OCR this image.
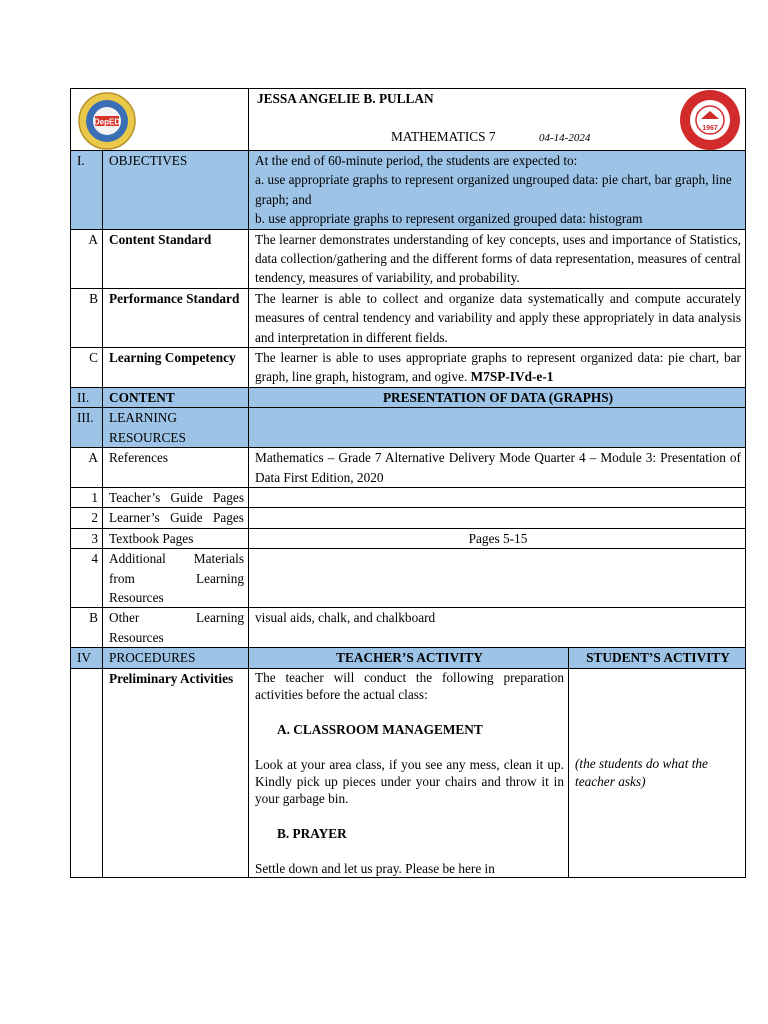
DepED		JESSA ANGELIE B. PULLAN
MATHEMATICS 7 04-14-2024
1967	

I.	OBJECTIVES	At the end of 60-minute period, the students are expected to:
a. use appropriate graphs to represent organized ungrouped data: pie chart, bar graph, line graph; and
b. use appropriate graphs to represent organized grouped data: histogram	

A	Content Standard	The learner demonstrates understanding of key concepts, uses and importance of Statistics, data collection/gathering and the different forms of data representation, measures of central tendency, measures of variability, and probability.	
B	Performance Standard	The learner is able to collect and organize data systematically and compute accurately measures of central tendency and variability and apply these appropriately in data analysis and interpretation in different fields.	
C	Learning Competency	The learner is able to uses appropriate graphs to represent organized data: pie chart, bar graph, line graph, histogram, and ogive. M7SP-IVd-e-1	
II.	CONTENT	PRESENTATION OF DATA (GRAPHS)	
III.	LEARNING RESOURCES		
A	References	Mathematics – Grade 7 Alternative Delivery Mode Quarter 4 – Module 3: Presentation of Data First Edition, 2020	
1	Teacher’s Guide Pages		
2	Learner’s Guide Pages		
3	Textbook Pages	Pages 5-15	
4	Additional Materials from Learning Resources		
B	Other Learning Resources	visual aids, chalk, and chalkboard	
IV	PROCEDURES	TEACHER’S ACTIVITY	STUDENT’S ACTIVITY
	Preliminary Activities	The teacher will conduct the following preparation activities before the actual class:

A. CLASSROOM MANAGEMENT

Look at your area class, if you see any mess, clean it up. Kindly pick up pieces under your chairs and throw it in your garbage bin.

B. PRAYER

Settle down and let us pray. Please be here in	(the students do what the teacher asks)
